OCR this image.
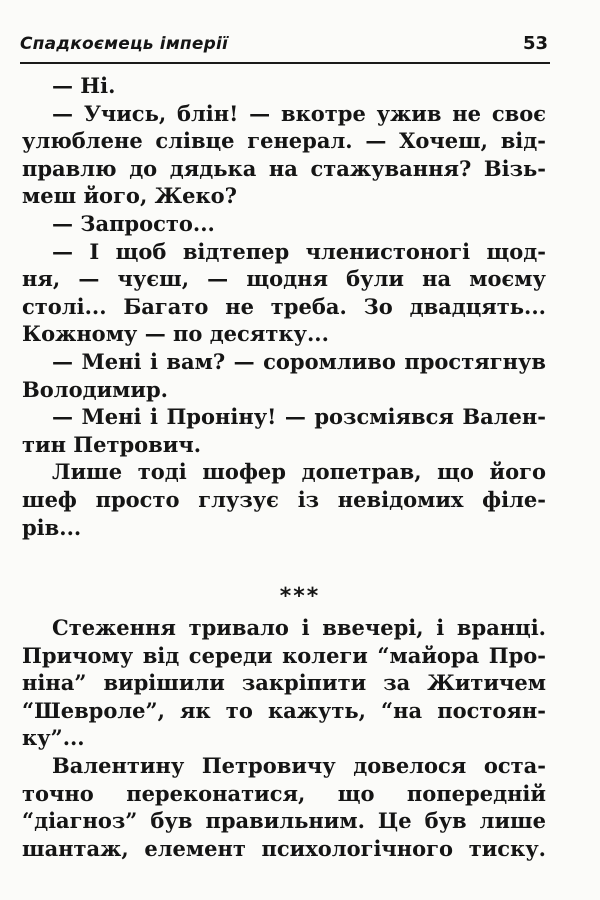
Спадкоємець імперії	53
— Ні.
— Учись, блін! — вкотре ужив не своє
улюблене слівце генерал. — Хочеш, від-
правлю до дядька на стажування? Візь-
меш його, Жеко?
— Запросто...
— І щоб відтепер членистоногі щод-
ня, — чуєш, — щодня були на моєму
столі... Багато не треба. Зо двадцять...
Кожному — по десятку...
— Мені і вам? — соромливо простягнув
Володимир.
— Мені і Проніну! — розсміявся Вален-
тин Петрович.
Лише тоді шофер допетрав, що його
шеф просто глузує із невідомих філе-
рів...
***
Стеження тривало і ввечері, і вранці.
Причому від середи колеги “майора Про-
ніна” вирішили закріпити за Житичем
“Шевроле”, як то кажуть, “на постоян-
ку”...
Валентину Петровичу довелося оста-
точно переконатися, що попередній
“діагноз” був правильним. Це був лише
шантаж, елемент психологічного тиску.
